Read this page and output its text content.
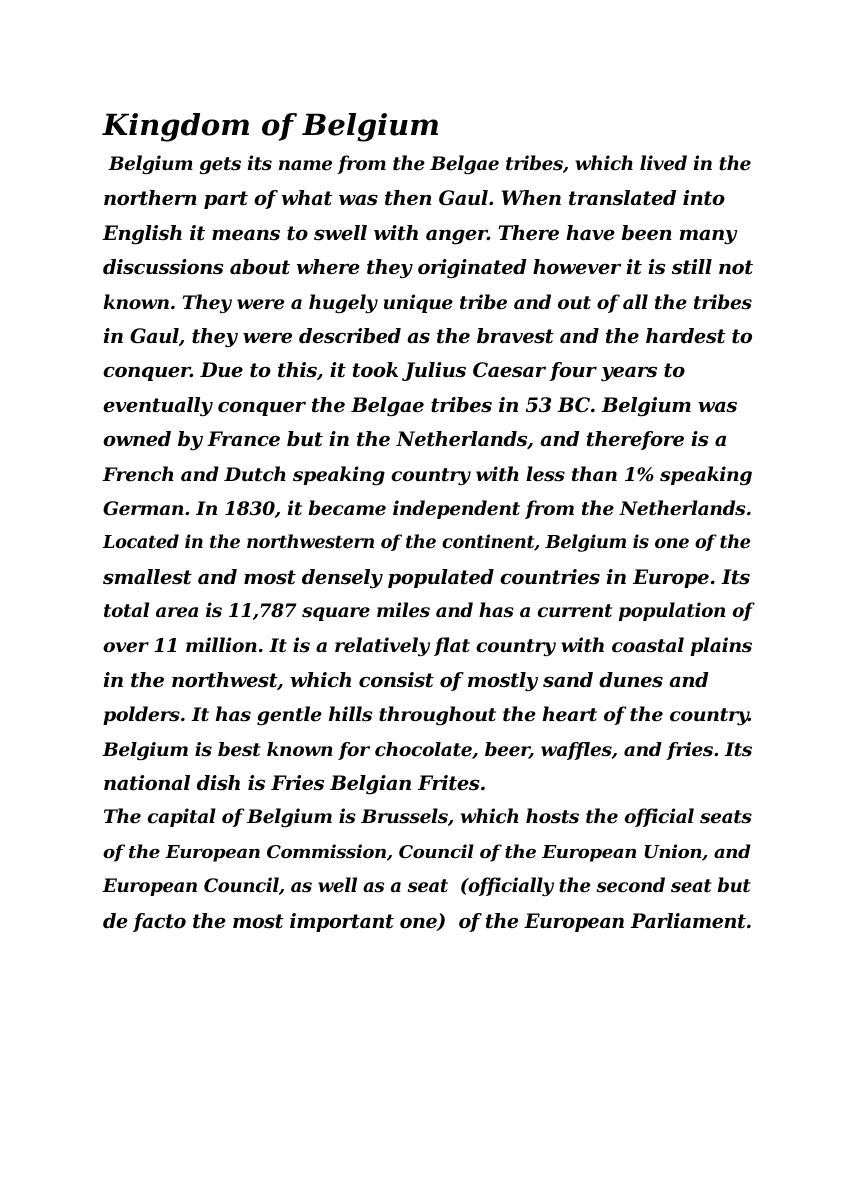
Kingdom of Belgium
Belgium gets its name from the Belgae tribes, which lived in the
northern part of what was then Gaul. When translated into
English it means to swell with anger. There have been many
discussions about where they originated however it is still not
known. They were a hugely unique tribe and out of all the tribes
in Gaul, they were described as the bravest and the hardest to
conquer. Due to this, it took Julius Caesar four years to
eventually conquer the Belgae tribes in 53 BC. Belgium was
owned by France but in the Netherlands, and therefore is a
French and Dutch speaking country with less than 1% speaking
German. In 1830, it became independent from the Netherlands.
Located in the northwestern of the continent, Belgium is one of the
smallest and most densely populated countries in Europe. Its
total area is 11,787 square miles and has a current population of
over 11 million. It is a relatively flat country with coastal plains
in the northwest, which consist of mostly sand dunes and
polders. It has gentle hills throughout the heart of the country.
Belgium is best known for chocolate, beer, waffles, and fries. Its
national dish is Fries Belgian Frites.
The capital of Belgium is Brussels, which hosts the official seats
of the European Commission, Council of the European Union, and
European Council, as well as a seat  (officially the second seat but
de facto the most important one)  of the European Parliament.
